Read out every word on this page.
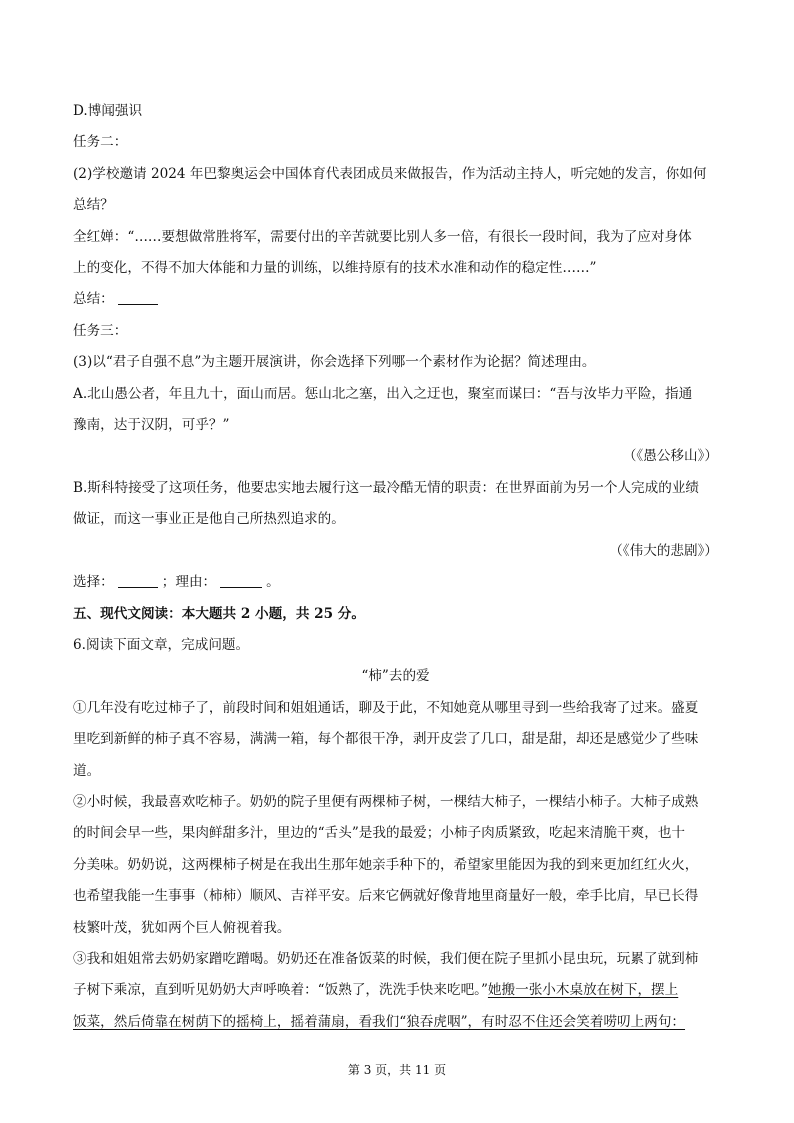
D.博闻强识

任务二：

(2)学校邀请 2024 年巴黎奥运会中国体育代表团成员来做报告，作为活动主持人，听完她的发言，你如何

总结？

全红婵：“……要想做常胜将军，需要付出的辛苦就要比别人多一倍，有很长一段时间，我为了应对身体

上的变化，不得不加大体能和力量的训练，以维持原有的技术水准和动作的稳定性……”

总结：

任务三：

(3)以“君子自强不息”为主题开展演讲，你会选择下列哪一个素材作为论据？简述理由。

A.北山愚公者，年且九十，面山而居。惩山北之塞，出入之迂也，聚室而谋曰：“吾与汝毕力平险，指通

豫南，达于汉阴，可乎？”

（《愚公移山》）

B.斯科特接受了这项任务，他要忠实地去履行这一最冷酷无情的职责：在世界面前为另一个人完成的业绩

做证，而这一事业正是他自己所热烈追求的。

（《伟大的悲剧》）

选择：	；理由：	。

五、现代文阅读：本大题共 2 小题，共 25 分。

6.阅读下面文章，完成问题。

“柿”去的爱

①几年没有吃过柿子了，前段时间和姐姐通话，聊及于此，不知她竟从哪里寻到一些给我寄了过来。盛夏

里吃到新鲜的柿子真不容易，满满一箱，每个都很干净，剥开皮尝了几口，甜是甜，却还是感觉少了些味

道。

②小时候，我最喜欢吃柿子。奶奶的院子里便有两棵柿子树，一棵结大柿子，一棵结小柿子。大柿子成熟

的时间会早一些，果肉鲜甜多汁，里边的“舌头”是我的最爱；小柿子肉质紧致，吃起来清脆干爽，也十

分美味。奶奶说，这两棵柿子树是在我出生那年她亲手种下的，希望家里能因为我的到来更加红红火火，

也希望我能一生事事（柿柿）顺风、吉祥平安。后来它俩就好像背地里商量好一般，牵手比肩，早已长得

枝繁叶茂，犹如两个巨人俯视着我。

③我和姐姐常去奶奶家蹭吃蹭喝。奶奶还在准备饭菜的时候，我们便在院子里抓小昆虫玩，玩累了就到柿

子树下乘凉，直到听见奶奶大声呼唤着：“饭熟了，洗洗手快来吃吧。”她搬一张小木桌放在树下，摆上

饭菜，然后倚靠在树荫下的摇椅上，摇着蒲扇，看我们“狼吞虎咽”，有时忍不住还会笑着唠叨上两句：

第 3 页，共 11 页
